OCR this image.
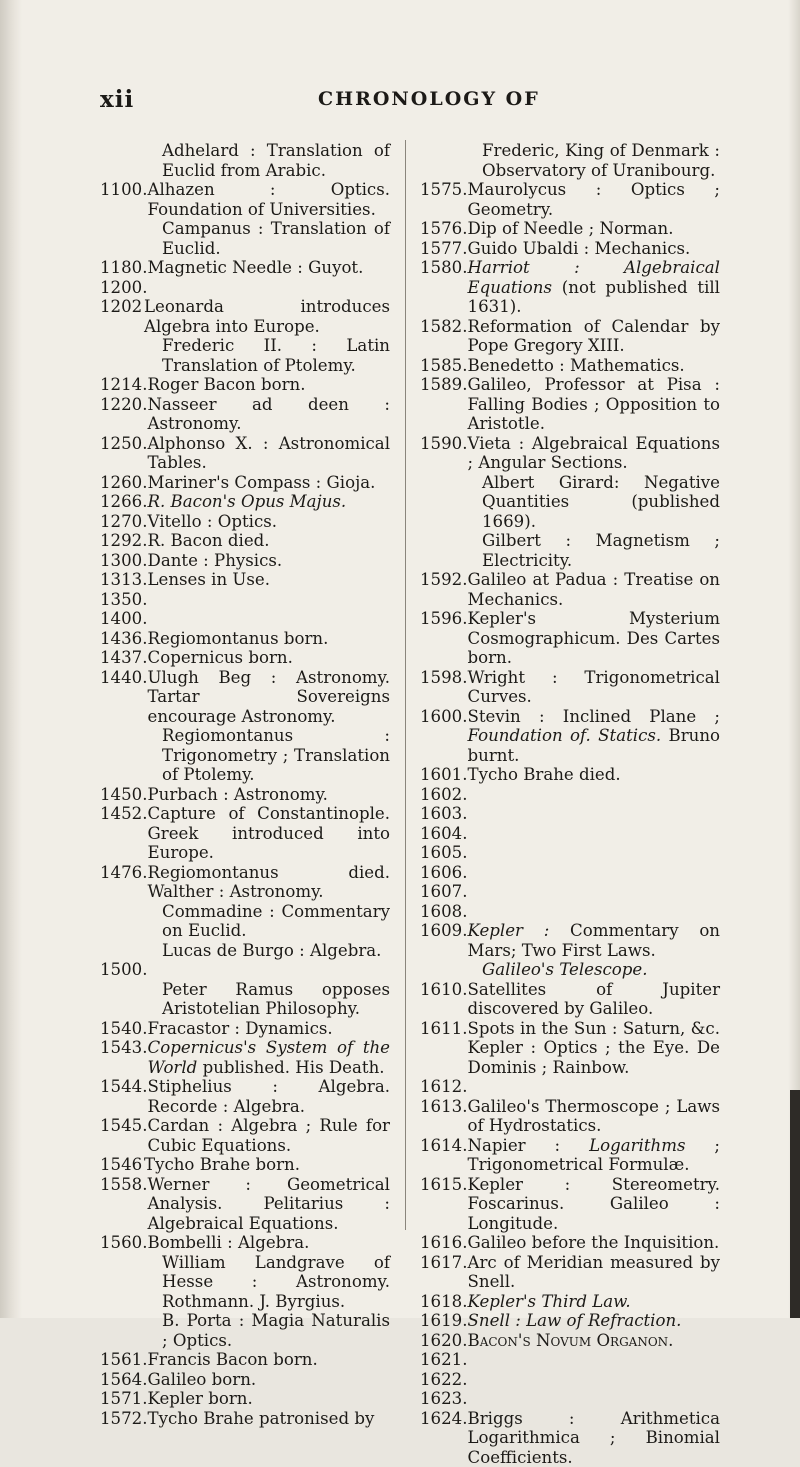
xii	CHRONOLOGY OF
Adhelard : Translation of Euclid from Arabic.
1100. Alhazen : Optics. Foundation of Universities.
Campanus : Translation of Euclid.
1180. Magnetic Needle : Guyot.
1200.
1202 Leonarda introduces Algebra into Europe.
Frederic II. : Latin Translation of Ptolemy.
1214. Roger Bacon born.
1220. Nasseer ad deen : Astronomy.
1250. Alphonso X. : Astronomical Tables.
1260. Mariner's Compass : Gioja.
1266. R. Bacon's Opus Majus.
1270. Vitello : Optics.
1292. R. Bacon died.
1300. Dante : Physics.
1313. Lenses in Use.
1350.
1400.
1436. Regiomontanus born.
1437. Copernicus born.
1440. Ulugh Beg : Astronomy. Tartar Sovereigns encourage Astronomy.
Regiomontanus : Trigonometry ; Translation of Ptolemy.
1450. Purbach : Astronomy.
1452. Capture of Constantinople. Greek introduced into Europe.
1476. Regiomontanus died. Walther : Astronomy.
Commadine : Commentary on Euclid.
Lucas de Burgo : Algebra.
1500.
Peter Ramus opposes Aristotelian Philosophy.
1540. Fracastor : Dynamics.
1543. Copernicus's System of the World published. His Death.
1544. Stiphelius : Algebra. Recorde : Algebra.
1545. Cardan : Algebra ; Rule for Cubic Equations.
1546 Tycho Brahe born.
1558. Werner : Geometrical Analysis. Pelitarius : Algebraical Equations.
1560. Bombelli : Algebra.
William Landgrave of Hesse : Astronomy. Rothmann. J. Byrgius.
B. Porta : Magia Naturalis ; Optics.
1561. Francis Bacon born.
1564. Galileo born.
1571. Kepler born.
1572. Tycho Brahe patronised by
Frederic, King of Denmark : Observatory of Uranibourg.
1575. Maurolycus : Optics ; Geometry.
1576. Dip of Needle ; Norman.
1577. Guido Ubaldi : Mechanics.
1580. Harriot : Algebraical Equations (not published till 1631).
1582. Reformation of Calendar by Pope Gregory XIII.
1585. Benedetto : Mathematics.
1589. Galileo, Professor at Pisa : Falling Bodies ; Opposition to Aristotle.
1590. Vieta : Algebraical Equations ; Angular Sections.
Albert Girard: Negative Quantities (published 1669).
Gilbert : Magnetism ; Electricity.
1592. Galileo at Padua : Treatise on Mechanics.
1596. Kepler's Mysterium Cosmographicum. Des Cartes born.
1598. Wright : Trigonometrical Curves.
1600. Stevin : Inclined Plane ; Foundation of. Statics. Bruno burnt.
1601. Tycho Brahe died.
1602.
1603.
1604.
1605.
1606.
1607.
1608.
1609. Kepler : Commentary on Mars; Two First Laws.
Galileo's Telescope.
1610. Satellites of Jupiter discovered by Galileo.
1611. Spots in the Sun : Saturn, &c. Kepler : Optics ; the Eye. De Dominis ; Rainbow.
1612.
1613. Galileo's Thermoscope ; Laws of Hydrostatics.
1614. Napier : Logarithms ; Trigonometrical Formulæ.
1615. Kepler : Stereometry. Foscarinus. Galileo : Longitude.
1616. Galileo before the Inquisition.
1617. Arc of Meridian measured by Snell.
1618. Kepler's Third Law.
1619. Snell : Law of Refraction.
1620. Bacon's Novum Organon.
1621.
1622.
1623.
1624. Briggs : Arithmetica Logarithmica ; Binomial Coefficients.
